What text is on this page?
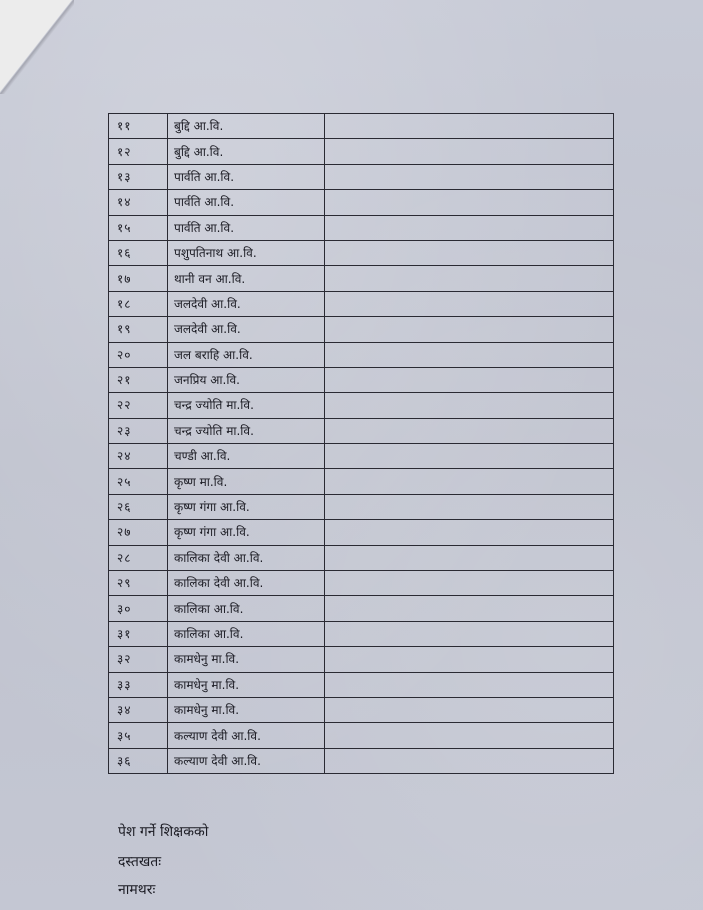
११	बुद्दि आ.वि.	
१२	बुद्दि आ.वि.	
१३	पार्वति आ.वि.	
१४	पार्वति आ.वि.	
१५	पार्वति आ.वि.	
१६	पशुपतिनाथ आ.वि.	
१७	थानी वन आ.वि.	
१८	जलदेवी आ.वि.	
१९	जलदेवी आ.वि.	
२०	जल बराहि आ.वि.	
२१	जनप्रिय आ.वि.	
२२	चन्द्र ज्योति मा.वि.	
२३	चन्द्र ज्योति मा.वि.	
२४	चण्डी आ.वि.	
२५	कृष्ण मा.वि.	
२६	कृष्ण गंगा आ.वि.	
२७	कृष्ण गंगा आ.वि.	
२८	कालिका देवी आ.वि.	
२९	कालिका देवी आ.वि.	
३०	कालिका आ.वि.	
३१	कालिका आ.वि.	
३२	कामधेनु मा.वि.	
३३	कामधेनु मा.वि.	
३४	कामधेनु मा.वि.	
३५	कल्याण देवी आ.वि.	
३६	कल्याण देवी आ.वि.	
पेश गर्ने शिक्षकको
दस्तखतः
नामथरः
